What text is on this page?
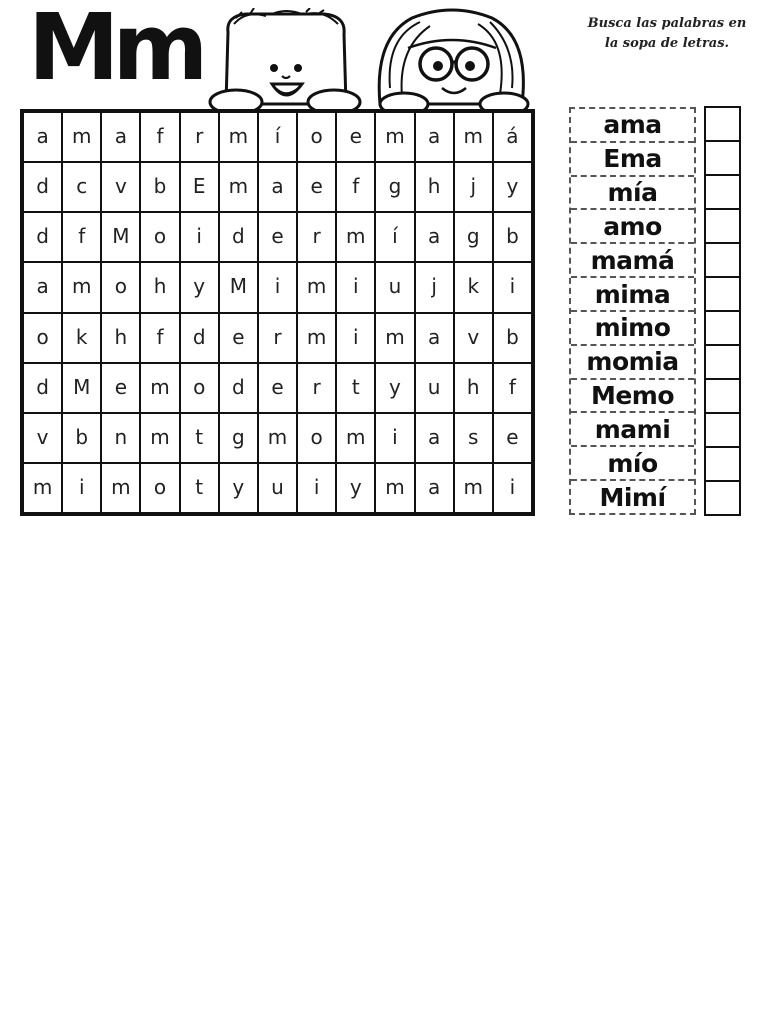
Mm	Busca las palabras en la sopa de letras.
a	m	a	f	r	m	í	o	e	m	a	m	á
d	c	v	b	E	m	a	e	f	g	h	j	y
d	f	M	o	i	d	e	r	m	í	a	g	b
a	m	o	h	y	M	i	m	i	u	j	k	i
o	k	h	f	d	e	r	m	i	m	a	v	b
d	M	e	m	o	d	e	r	t	y	u	h	f
v	b	n	m	t	g	m	o	m	i	a	s	e
m	i	m	o	t	y	u	i	y	m	a	m	i
ama
Ema
mía
amo
mamá
mima
mimo
momia
Memo
mami
mío
Mimí
